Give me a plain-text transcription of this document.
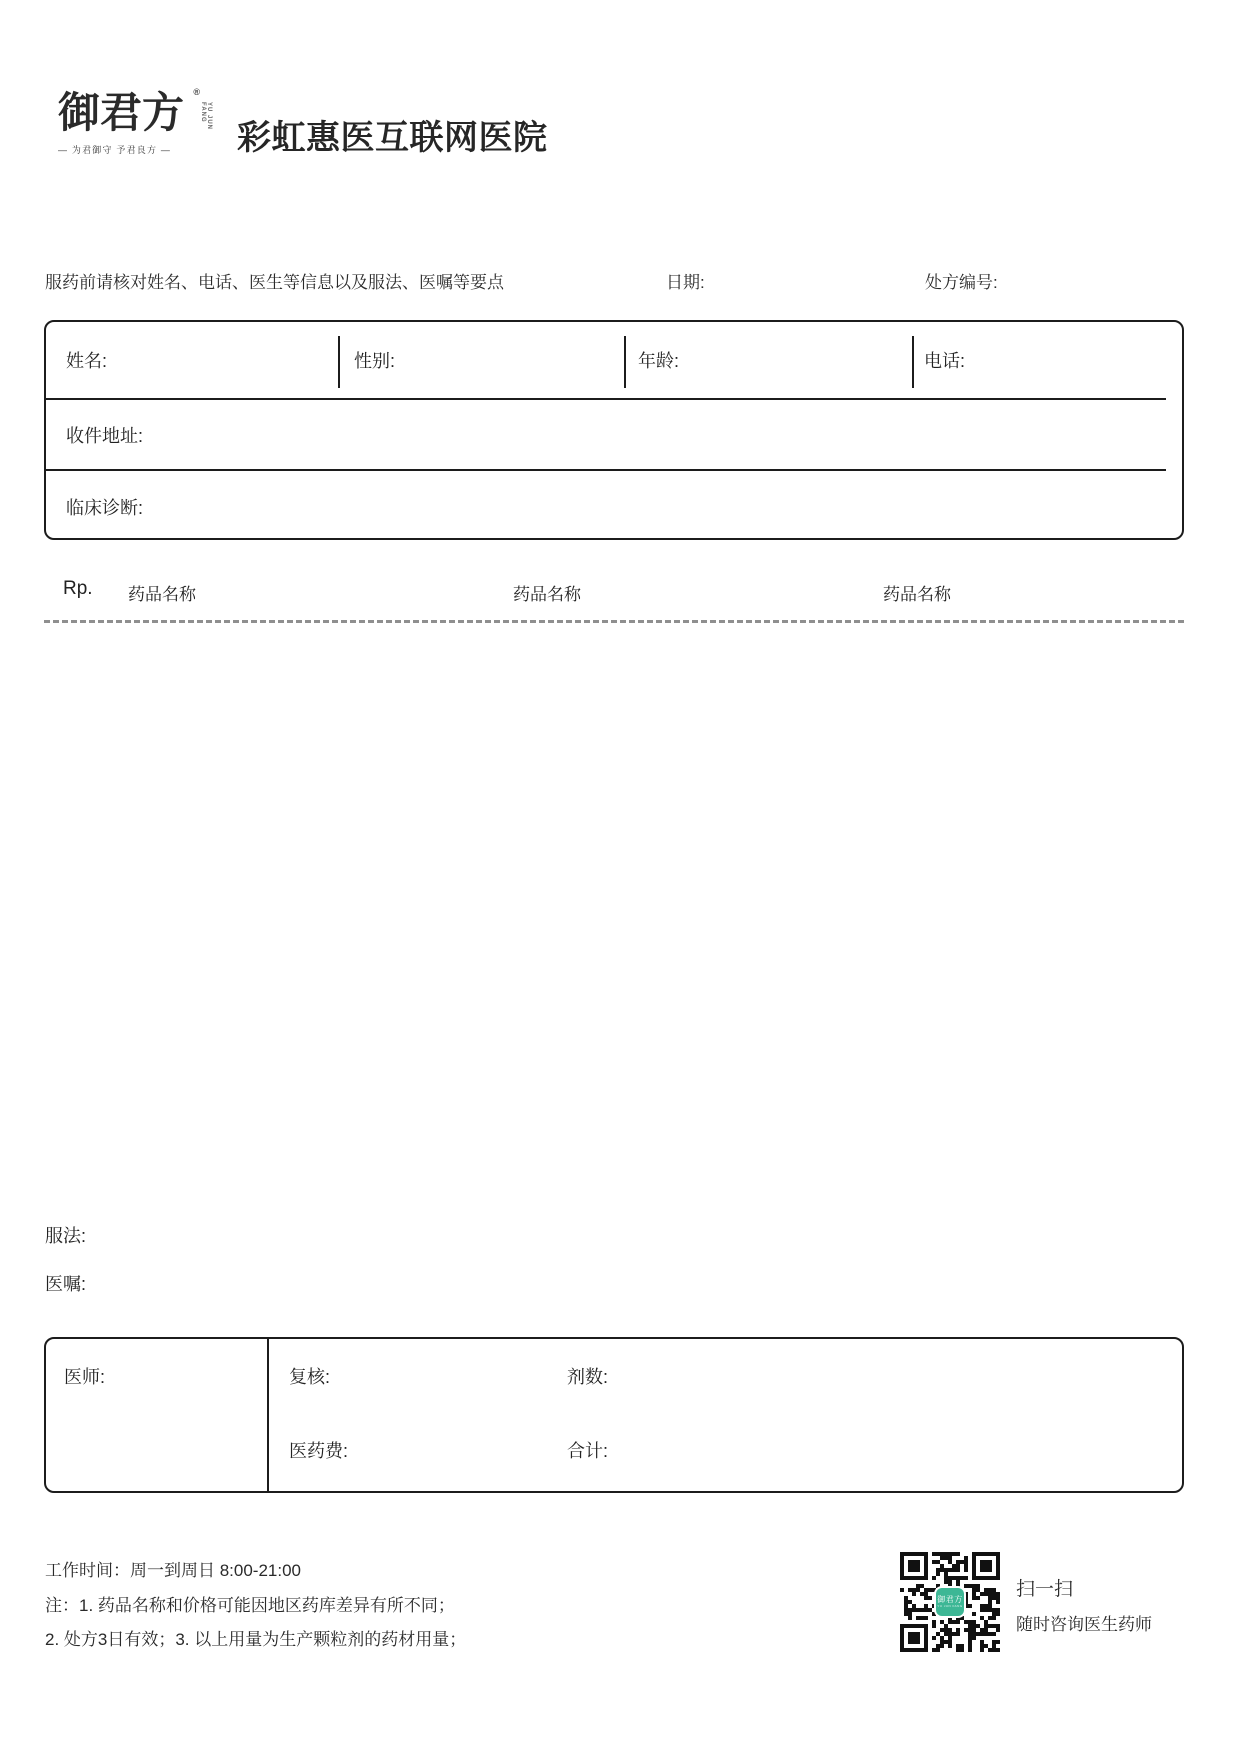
御君方 ®
YU JUN FANG
— 为君御守 予君良方 —	彩虹惠医互联网医院
服药前请核对姓名、电话、医生等信息以及服法、医嘱等要点	日期:	处方编号:
姓名:	性别:	年龄:	电话:
收件地址:
临床诊断:
Rp. 药品名称	药品名称	药品名称
服法:
医嘱:
医师:	复核:	剂数:
医药费:	合计:
工作时间：周一到周日 8:00-21:00
注：1. 药品名称和价格可能因地区药库差异有所不同；
2. 处方3日有效；3. 以上用量为生产颗粒剂的药材用量；
御君方
YU JUN FANG
扫一扫
随时咨询医生药师
